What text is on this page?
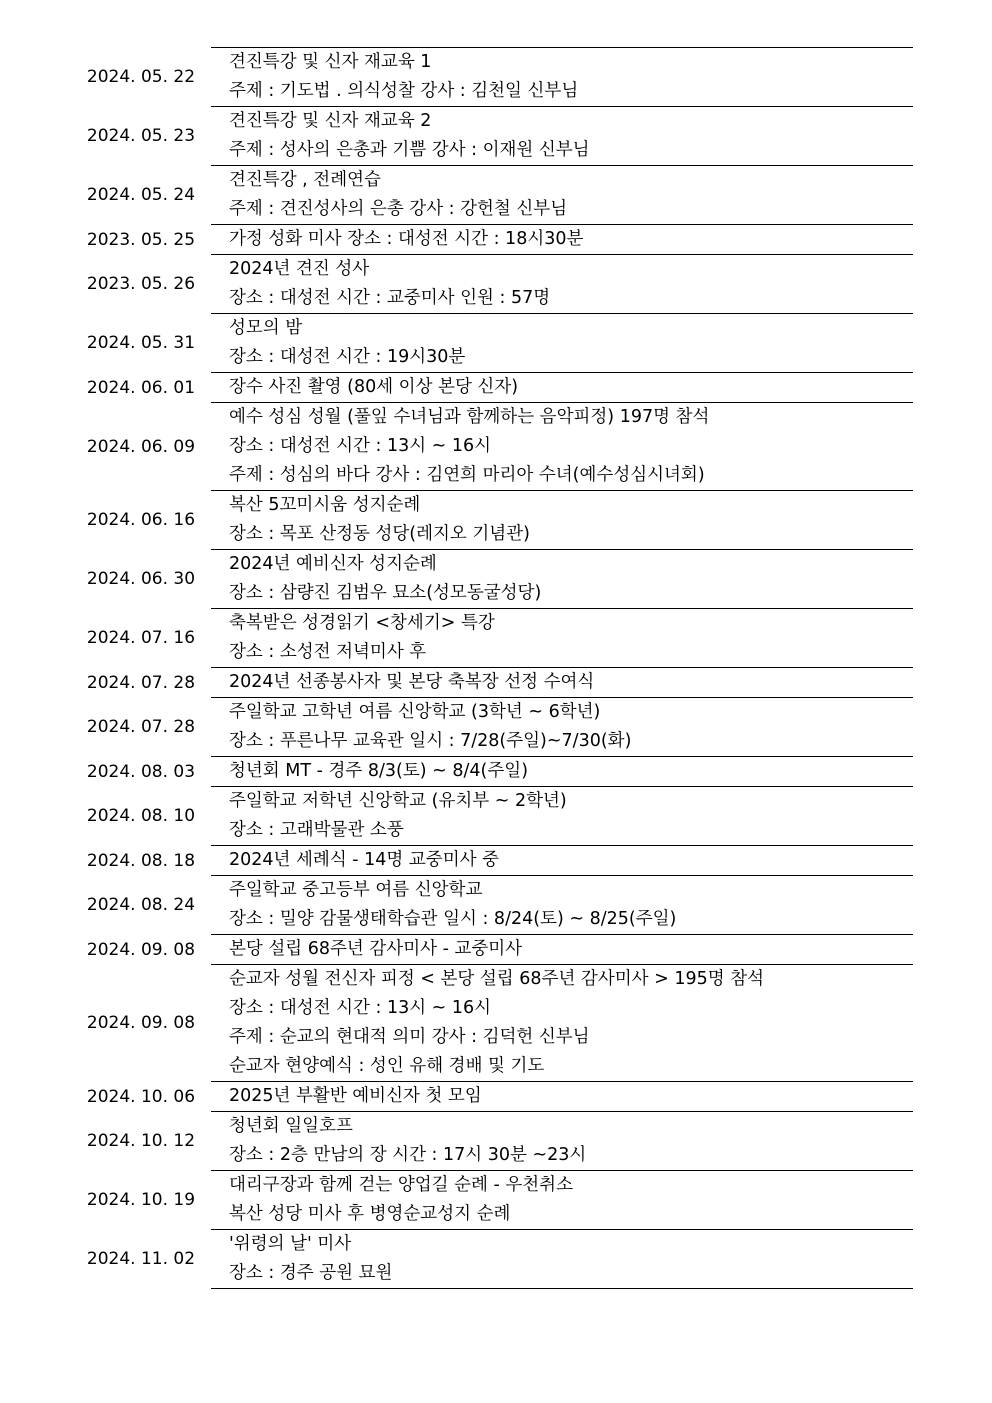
2024. 05. 22	견진특강 및 신자 재교육 1
	주제 : 기도법 . 의식성찰 강사 : 김천일 신부님
2024. 05. 23	견진특강 및 신자 재교육 2
	주제 : 성사의 은총과 기쁨 강사 : 이재원 신부님
2024. 05. 24	견진특강 , 전례연습
	주제 : 견진성사의 은총 강사 : 강헌철 신부님
2023. 05. 25	가정 성화 미사 장소 : 대성전 시간 : 18시30분
2023. 05. 26	2024년 견진 성사
	장소 : 대성전 시간 : 교중미사 인원 : 57명
2024. 05. 31	성모의 밤
	장소 : 대성전 시간 : 19시30분
2024. 06. 01	장수 사진 촬영 (80세 이상 본당 신자)
2024. 06. 09	예수 성심 성월 (풀잎 수녀님과 함께하는 음악피정) 197명 참석
	장소 : 대성전 시간 : 13시 ~ 16시
	주제 : 성심의 바다 강사 : 김연희 마리아 수녀(예수성심시녀회)
2024. 06. 16	복산 5꼬미시움 성지순례
	장소 : 목포 산정동 성당(레지오 기념관)
2024. 06. 30	2024년 예비신자 성지순례
	장소 : 삼량진 김범우 묘소(성모동굴성당)
2024. 07. 16	축복받은 성경읽기 <창세기> 특강
	장소 : 소성전 저녁미사 후
2024. 07. 28	2024년 선종봉사자 및 본당 축복장 선정 수여식
2024. 07. 28	주일학교 고학년 여름 신앙학교 (3학년 ~ 6학년)
	장소 : 푸른나무 교육관 일시 : 7/28(주일)~7/30(화)
2024. 08. 03	청년회 MT - 경주 8/3(토) ~ 8/4(주일)
2024. 08. 10	주일학교 저학년 신앙학교 (유치부 ~ 2학년)
	장소 : 고래박물관 소풍
2024. 08. 18	2024년 세례식 - 14명 교중미사 중
2024. 08. 24	주일학교 중고등부 여름 신앙학교
	장소 : 밀양 감물생태학습관 일시 : 8/24(토) ~ 8/25(주일)
2024. 09. 08	본당 설립 68주년 감사미사 - 교중미사
2024. 09. 08	순교자 성월 전신자 피정 < 본당 설립 68주년 감사미사 > 195명 참석
	장소 : 대성전 시간 : 13시 ~ 16시
	주제 : 순교의 현대적 의미 강사 : 김덕헌 신부님
	순교자 현양예식 : 성인 유해 경배 및 기도
2024. 10. 06	2025년 부활반 예비신자 첫 모임
2024. 10. 12	청년회 일일호프
	장소 : 2층 만남의 장 시간 : 17시 30분 ~23시
2024. 10. 19	대리구장과 함께 걷는 양업길 순례 - 우천취소
	복산 성당 미사 후 병영순교성지 순례
2024. 11. 02	'위령의 날' 미사
	장소 : 경주 공원 묘원
